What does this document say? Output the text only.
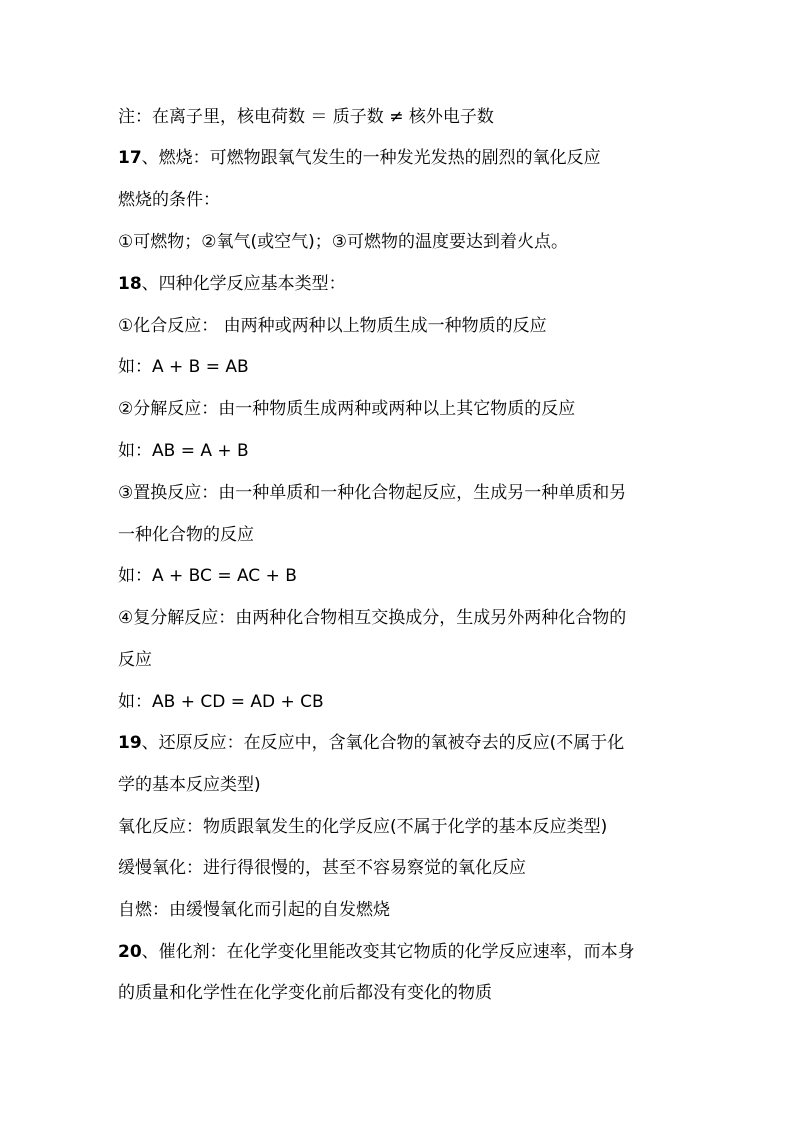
注：在离子里，核电荷数 ＝ 质子数 ≠ 核外电子数
17、燃烧：可燃物跟氧气发生的一种发光发热的剧烈的氧化反应
燃烧的条件：
①可燃物；②氧气(或空气)；③可燃物的温度要达到着火点。
18、四种化学反应基本类型：
①化合反应： 由两种或两种以上物质生成一种物质的反应
如：A + B = AB
②分解反应：由一种物质生成两种或两种以上其它物质的反应
如：AB = A + B
③置换反应：由一种单质和一种化合物起反应，生成另一种单质和另
一种化合物的反应
如：A + BC = AC + B
④复分解反应：由两种化合物相互交换成分，生成另外两种化合物的
反应
如：AB + CD = AD + CB
19、还原反应：在反应中，含氧化合物的氧被夺去的反应(不属于化
学的基本反应类型)
氧化反应：物质跟氧发生的化学反应(不属于化学的基本反应类型)
缓慢氧化：进行得很慢的，甚至不容易察觉的氧化反应
自燃：由缓慢氧化而引起的自发燃烧
20、催化剂：在化学变化里能改变其它物质的化学反应速率，而本身
的质量和化学性在化学变化前后都没有变化的物质
